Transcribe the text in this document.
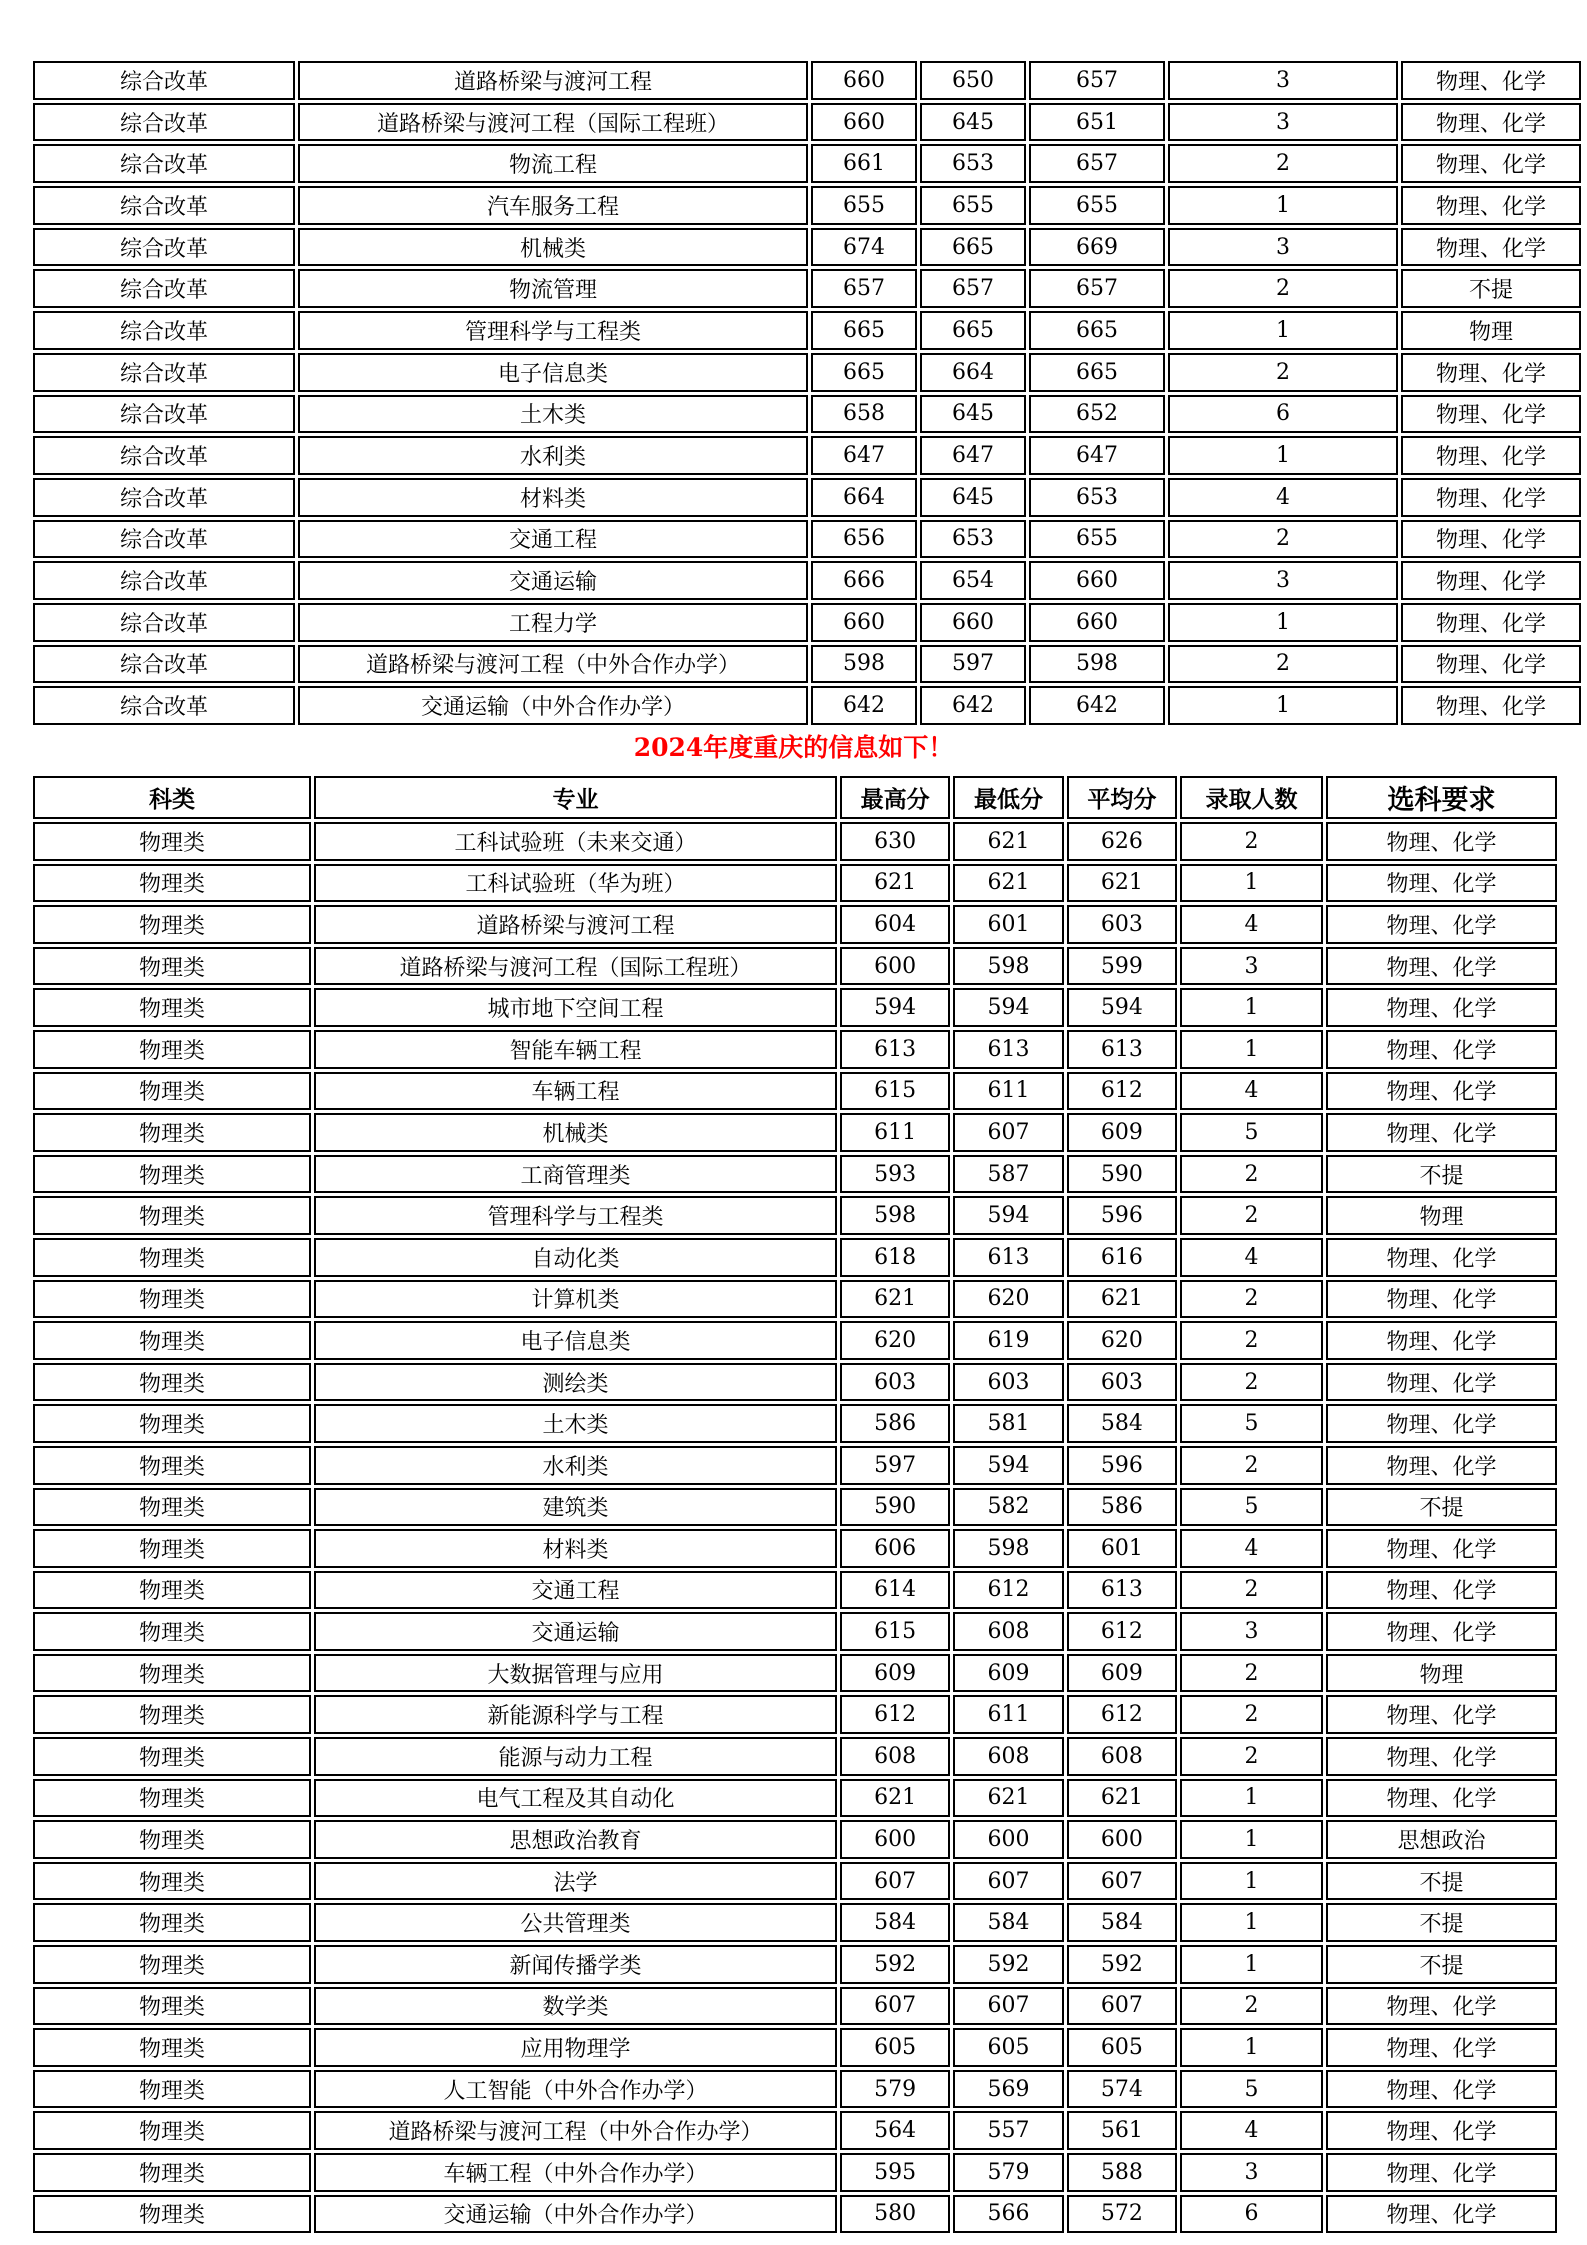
综合改革	道路桥梁与渡河工程	660	650	657	3	物理、化学
综合改革	道路桥梁与渡河工程（国际工程班）	660	645	651	3	物理、化学
综合改革	物流工程	661	653	657	2	物理、化学
综合改革	汽车服务工程	655	655	655	1	物理、化学
综合改革	机械类	674	665	669	3	物理、化学
综合改革	物流管理	657	657	657	2	不提
综合改革	管理科学与工程类	665	665	665	1	物理
综合改革	电子信息类	665	664	665	2	物理、化学
综合改革	土木类	658	645	652	6	物理、化学
综合改革	水利类	647	647	647	1	物理、化学
综合改革	材料类	664	645	653	4	物理、化学
综合改革	交通工程	656	653	655	2	物理、化学
综合改革	交通运输	666	654	660	3	物理、化学
综合改革	工程力学	660	660	660	1	物理、化学
综合改革	道路桥梁与渡河工程（中外合作办学）	598	597	598	2	物理、化学
综合改革	交通运输（中外合作办学）	642	642	642	1	物理、化学
2024年度重庆的信息如下！
科类	专业	最高分	最低分	平均分	录取人数	选科要求
物理类	工科试验班（未来交通）	630	621	626	2	物理、化学
物理类	工科试验班（华为班）	621	621	621	1	物理、化学
物理类	道路桥梁与渡河工程	604	601	603	4	物理、化学
物理类	道路桥梁与渡河工程（国际工程班）	600	598	599	3	物理、化学
物理类	城市地下空间工程	594	594	594	1	物理、化学
物理类	智能车辆工程	613	613	613	1	物理、化学
物理类	车辆工程	615	611	612	4	物理、化学
物理类	机械类	611	607	609	5	物理、化学
物理类	工商管理类	593	587	590	2	不提
物理类	管理科学与工程类	598	594	596	2	物理
物理类	自动化类	618	613	616	4	物理、化学
物理类	计算机类	621	620	621	2	物理、化学
物理类	电子信息类	620	619	620	2	物理、化学
物理类	测绘类	603	603	603	2	物理、化学
物理类	土木类	586	581	584	5	物理、化学
物理类	水利类	597	594	596	2	物理、化学
物理类	建筑类	590	582	586	5	不提
物理类	材料类	606	598	601	4	物理、化学
物理类	交通工程	614	612	613	2	物理、化学
物理类	交通运输	615	608	612	3	物理、化学
物理类	大数据管理与应用	609	609	609	2	物理
物理类	新能源科学与工程	612	611	612	2	物理、化学
物理类	能源与动力工程	608	608	608	2	物理、化学
物理类	电气工程及其自动化	621	621	621	1	物理、化学
物理类	思想政治教育	600	600	600	1	思想政治
物理类	法学	607	607	607	1	不提
物理类	公共管理类	584	584	584	1	不提
物理类	新闻传播学类	592	592	592	1	不提
物理类	数学类	607	607	607	2	物理、化学
物理类	应用物理学	605	605	605	1	物理、化学
物理类	人工智能（中外合作办学）	579	569	574	5	物理、化学
物理类	道路桥梁与渡河工程（中外合作办学）	564	557	561	4	物理、化学
物理类	车辆工程（中外合作办学）	595	579	588	3	物理、化学
物理类	交通运输（中外合作办学）	580	566	572	6	物理、化学
